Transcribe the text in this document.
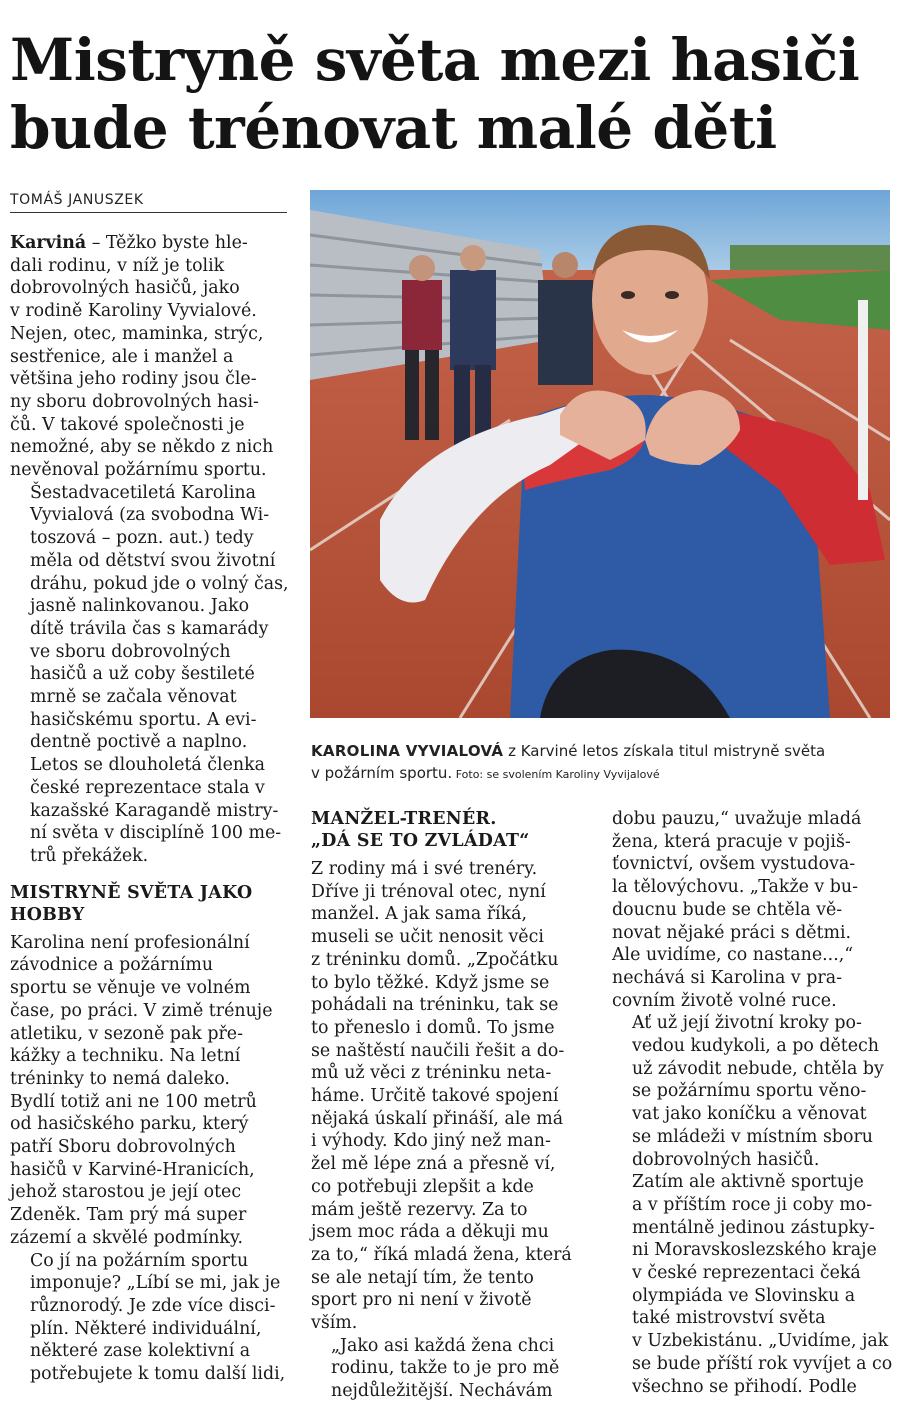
Mistryně světa mezi hasiči
bude trénovat malé děti
TOMÁŠ JANUSZEK

Karviná – Těžko byste hle-
dali rodinu, v níž je tolik
dobrovolných hasičů, jako
v rodině Karoliny Vyvialové.
Nejen, otec, maminka, strýc,
sestřenice, ale i manžel a
většina jeho rodiny jsou čle-
ny sboru dobrovolných hasi-
čů. V takové společnosti je
nemožné, aby se někdo z nich
nevěnoval požárnímu sportu.

Šestadvacetiletá Karolina
Vyvialová (za svobodna Wi-
toszová – pozn. aut.) tedy
měla od dětství svou životní
dráhu, pokud jde o volný čas,
jasně nalinkovanou. Jako
dítě trávila čas s kamarády
ve sboru dobrovolných
hasičů a už coby šestileté
mrně se začala věnovat
hasičskému sportu. A evi-
dentně poctivě a naplno.
Letos se dlouholetá členka
české reprezentace stala v
kazašské Karagandě mistry-
ní světa v disciplíně 100 me-
trů překážek.

MISTRYNĚ SVĚTA JAKO
HOBBY

Karolina není profesionální
závodnice a požárnímu
sportu se věnuje ve volném
čase, po práci. V zimě trénuje
atletiku, v sezoně pak pře-
kážky a techniku. Na letní
tréninky to nemá daleko.
Bydlí totiž ani ne 100 metrů
od hasičského parku, který
patří Sboru dobrovolných
hasičů v Karviné-Hranicích,
jehož starostou je její otec
Zdeněk. Tam prý má super
zázemí a skvělé podmínky.

Co jí na požárním sportu
imponuje? „Líbí se mi, jak je
různorodý. Je zde více disci-
plín. Některé individuální,
některé zase kolektivní a
potřebujete k tomu další lidi,

KAROLINA VYVIALOVÁ z Karviné letos získala titul mistryně světa
v požárním sportu. Foto: se svolením Karoliny Vyvijalové
MANŽEL-TRENÉR.
„DÁ SE TO ZVLÁDAT“

Z rodiny má i své trenéry.
Dříve ji trénoval otec, nyní
manžel. A jak sama říká,
museli se učit nenosit věci
z tréninku domů. „Zpočátku
to bylo těžké. Když jsme se
pohádali na tréninku, tak se
to přeneslo i domů. To jsme
se naštěstí naučili řešit a do-
mů už věci z tréninku neta-
háme. Určitě takové spojení
nějaká úskalí přináší, ale má
i výhody. Kdo jiný než man-
žel mě lépe zná a přesně ví,
co potřebuji zlepšit a kde
mám ještě rezervy. Za to
jsem moc ráda a děkuji mu
za to,“ říká mladá žena, která
se ale netají tím, že tento
sport pro ni není v životě
vším.

„Jako asi každá žena chci
rodinu, takže to je pro mě
nejdůležitější. Nechávám

dobu pauzu,“ uvažuje mladá
žena, která pracuje v pojiš-
ťovnictví, ovšem vystudova-
la tělovýchovu. „Takže v bu-
doucnu bude se chtěla vě-
novat nějaké práci s dětmi.
Ale uvidíme, co nastane...,“
nechává si Karolina v pra-
covním životě volné ruce.

Ať už její životní kroky po-
vedou kudykoli, a po dětech
už závodit nebude, chtěla by
se požárnímu sportu věno-
vat jako koníčku a věnovat
se mládeži v místním sboru
dobrovolných hasičů.

Zatím ale aktivně sportuje
a v příštím roce ji coby mo-
mentálně jedinou zástupky-
ni Moravskoslezského kraje
v české reprezentaci čeká
olympiáda ve Slovinsku a
také mistrovství světa
v Uzbekistánu. „Uvidíme, jak
se bude příští rok vyvíjet a co
všechno se přihodí. Podle
